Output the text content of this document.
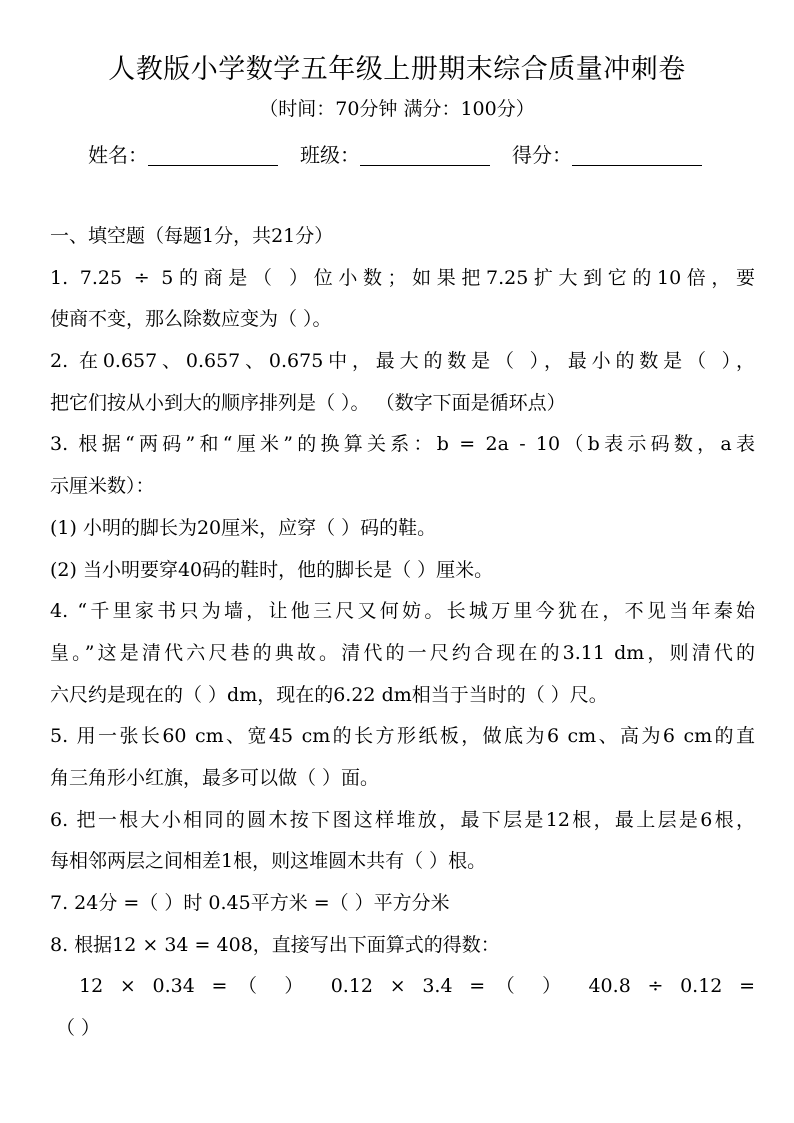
人教版小学数学五年级上册期末综合质量冲刺卷
（时间：70分钟 满分：100分）
姓名：	班级：	得分：
一、填空题（每题1分，共21分）
1. 7.25 ÷ 5的商是（ ）位小数；如果把7.25扩大到它的10倍，要
使商不变，那么除数应变为（ ）。
2. 在0.657、0.657、0.675中，最大的数是（ ），最小的数是（ ），
把它们按从小到大的顺序排列是（ ）。 （数字下面是循环点）
3. 根据“两码”和“厘米”的换算关系：b = 2a - 10（b表示码数，a表
示厘米数）：
(1) 小明的脚长为20厘米，应穿（ ）码的鞋。
(2) 当小明要穿40码的鞋时，他的脚长是（ ）厘米。
4. “千里家书只为墙，让他三尺又何妨。长城万里今犹在，不见当年秦始
皇。”这是清代六尺巷的典故。清代的一尺约合现在的3.11 dm，则清代的
六尺约是现在的（ ）dm，现在的6.22 dm相当于当时的（ ）尺。
5. 用一张长60 cm、宽45 cm的长方形纸板，做底为6 cm、高为6 cm的直
角三角形小红旗，最多可以做（ ）面。
6. 把一根大小相同的圆木按下图这样堆放，最下层是12根，最上层是6根，
每相邻两层之间相差1根，则这堆圆木共有（ ）根。
7. 24分 =（ ）时 0.45平方米 =（ ）平方分米
8. 根据12 × 34 = 408，直接写出下面算式的得数：
12 × 0.34 =（ ） 0.12 × 3.4 =（ ） 40.8 ÷ 0.12 =
（ ）
